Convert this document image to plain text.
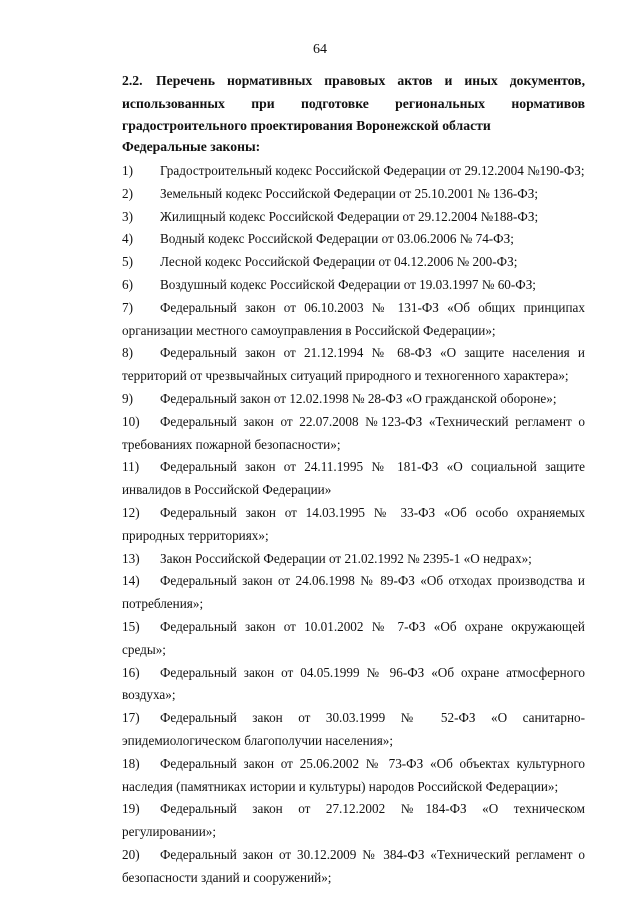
64
2.2. Перечень нормативных правовых актов и иных документов, использованных при подготовке региональных нормативов градостроительного проектирования Воронежской области
Федеральные законы:
1) Градостроительный кодекс Российской Федерации от 29.12.2004 №190-ФЗ;
2) Земельный кодекс Российской Федерации от 25.10.2001 № 136-ФЗ;
3) Жилищный кодекс Российской Федерации от 29.12.2004 №188-ФЗ;
4) Водный кодекс Российской Федерации от 03.06.2006 № 74-ФЗ;
5) Лесной кодекс Российской Федерации от 04.12.2006 № 200-ФЗ;
6) Воздушный кодекс Российской Федерации от 19.03.1997 № 60-ФЗ;
7) Федеральный закон от 06.10.2003 № 131-ФЗ «Об общих принципах организации местного самоуправления в Российской Федерации»;
8) Федеральный закон от 21.12.1994 № 68-ФЗ «О защите населения и территорий от чрезвычайных ситуаций природного и техногенного характера»;
9) Федеральный закон от 12.02.1998 № 28-ФЗ «О гражданской обороне»;
10) Федеральный закон от 22.07.2008 №123-ФЗ «Технический регламент о требованиях пожарной безопасности»;
11) Федеральный закон от 24.11.1995 № 181-ФЗ «О социальной защите инвалидов в Российской Федерации»
12) Федеральный закон от 14.03.1995 № 33-ФЗ «Об особо охраняемых природных территориях»;
13) Закон Российской Федерации от 21.02.1992 № 2395-1 «О недрах»;
14) Федеральный закон от 24.06.1998 № 89-ФЗ «Об отходах производства и потребления»;
15) Федеральный закон от 10.01.2002 № 7-ФЗ «Об охране окружающей среды»;
16) Федеральный закон от 04.05.1999 № 96-ФЗ «Об охране атмосферного воздуха»;
17) Федеральный закон от 30.03.1999 № 52-ФЗ «О санитарно-эпидемиологическом благополучии населения»;
18) Федеральный закон от 25.06.2002 № 73-ФЗ «Об объектах культурного наследия (памятниках истории и культуры) народов Российской Федерации»;
19) Федеральный закон от 27.12.2002 №184-ФЗ «О техническом регулировании»;
20) Федеральный закон от 30.12.2009 № 384-ФЗ «Технический регламент о безопасности зданий и сооружений»;
